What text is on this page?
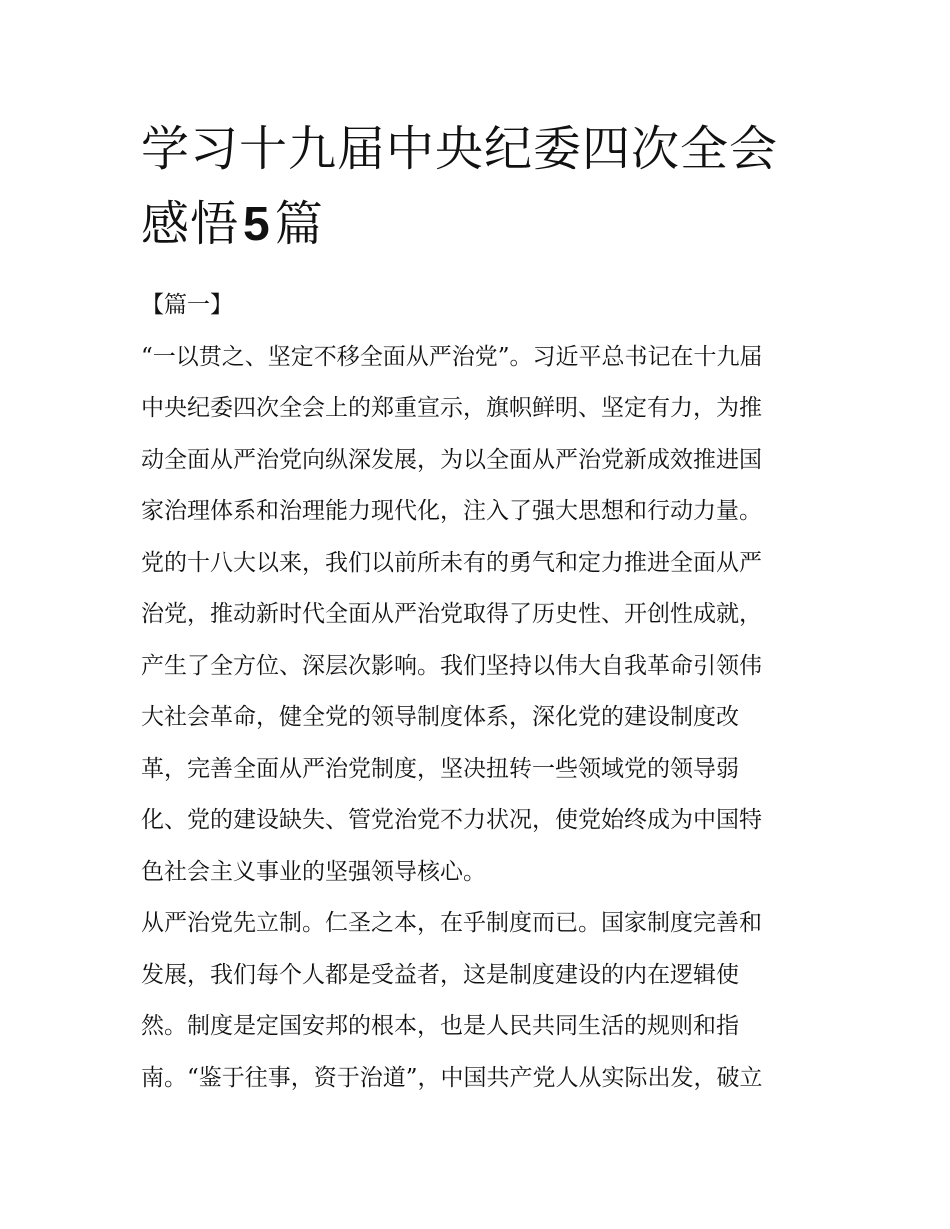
学习十九届中央纪委四次全会
感悟5篇
【篇一】
“一以贯之、坚定不移全面从严治党”。习近平总书记在十九届
中央纪委四次全会上的郑重宣示，旗帜鲜明、坚定有力，为推
动全面从严治党向纵深发展，为以全面从严治党新成效推进国
家治理体系和治理能力现代化，注入了强大思想和行动力量。
党的十八大以来，我们以前所未有的勇气和定力推进全面从严
治党，推动新时代全面从严治党取得了历史性、开创性成就，
产生了全方位、深层次影响。我们坚持以伟大自我革命引领伟
大社会革命，健全党的领导制度体系，深化党的建设制度改
革，完善全面从严治党制度，坚决扭转一些领域党的领导弱
化、党的建设缺失、管党治党不力状况，使党始终成为中国特
色社会主义事业的坚强领导核心。
从严治党先立制。仁圣之本，在乎制度而已。国家制度完善和
发展，我们每个人都是受益者，这是制度建设的内在逻辑使
然。制度是定国安邦的根本，也是人民共同生活的规则和指
南。“鉴于往事，资于治道”，中国共产党人从实际出发，破立
